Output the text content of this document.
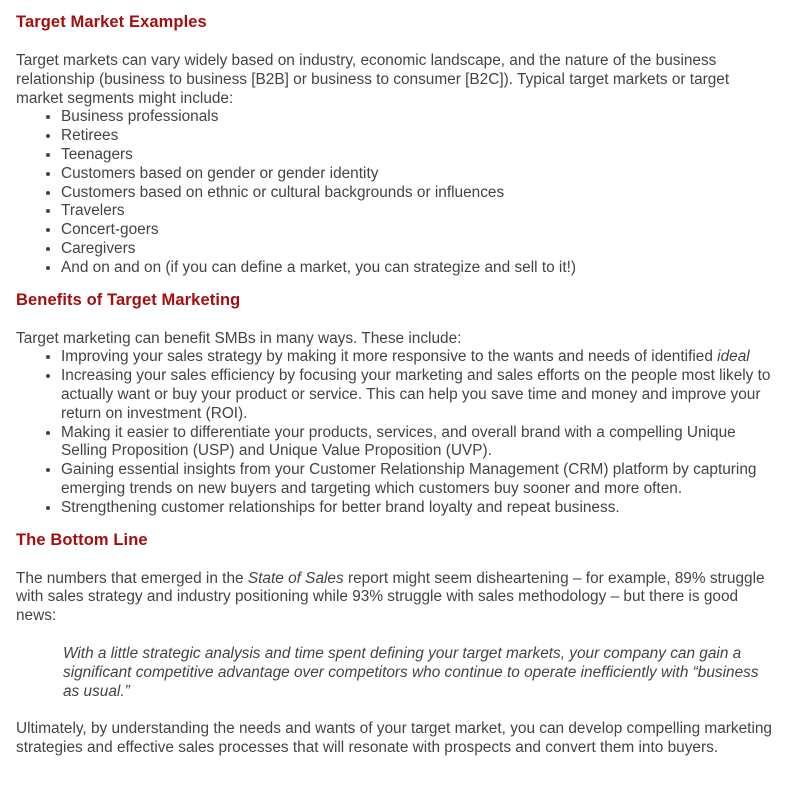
Target Market Examples

Target markets can vary widely based on industry, economic landscape, and the nature of the business relationship (business to business [B2B] or business to consumer [B2C]). Typical target markets or target market segments might include:

• Business professionals
• Retirees
• Teenagers
• Customers based on gender or gender identity
• Customers based on ethnic or cultural backgrounds or influences
• Travelers
• Concert-goers
• Caregivers
• And on and on (if you can define a market, you can strategize and sell to it!)
Benefits of Target Marketing

Target marketing can benefit SMBs in many ways. These include:

• Improving your sales strategy by making it more responsive to the wants and needs of identified ideal
• Increasing your sales efficiency by focusing your marketing and sales efforts on the people most likely to actually want or buy your product or service. This can help you save time and money and improve your return on investment (ROI).
• Making it easier to differentiate your products, services, and overall brand with a compelling Unique Selling Proposition (USP) and Unique Value Proposition (UVP).
• Gaining essential insights from your Customer Relationship Management (CRM) platform by capturing emerging trends on new buyers and targeting which customers buy sooner and more often.
• Strengthening customer relationships for better brand loyalty and repeat business.
The Bottom Line

The numbers that emerged in the State of Sales report might seem disheartening – for example, 89% struggle with sales strategy and industry positioning while 93% struggle with sales methodology – but there is good news:

With a little strategic analysis and time spent defining your target markets, your company can gain a significant competitive advantage over competitors who continue to operate inefficiently with “business as usual.”

Ultimately, by understanding the needs and wants of your target market, you can develop compelling marketing strategies and effective sales processes that will resonate with prospects and convert them into buyers.
